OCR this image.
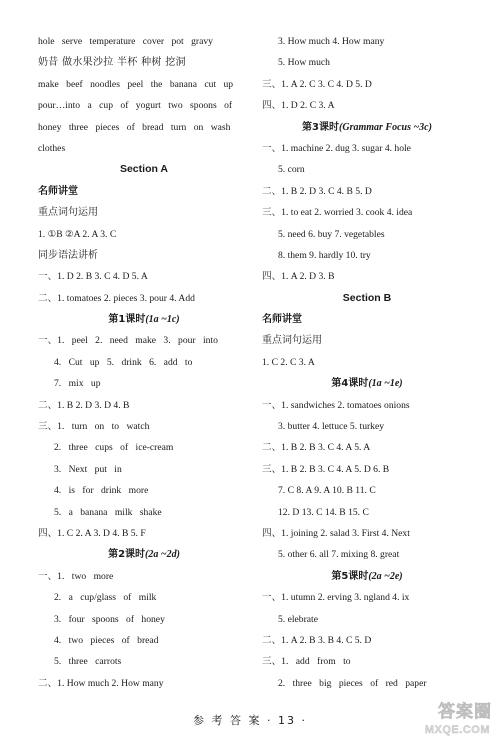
hole serve temperature cover pot gravy
奶昔 做水果沙拉 半杯 种树 挖洞
make beef noodles peel the banana cut up
pour…into a cup of yogurt two spoons of
honey three pieces of bread turn on wash
clothes
Section A
名师讲堂
重点词句运用
1. ①B ②A 2. A 3. C
同步语法讲析
一、1. D 2. B 3. C 4. D 5. A
二、1. tomatoes 2. pieces 3. pour 4. Add
第1课时(1a ~1c)
一、1. peel 2. need make 3. pour into
4. Cut up 5. drink 6. add to
7. mix up
二、1. B 2. D 3. D 4. B
三、1. turn on to watch
2. three cups of ice-cream
3. Next put in
4. is for drink more
5. a banana milk shake
四、1. C 2. A 3. D 4. B 5. F
第2课时(2a ~2d)
一、1. two more
2. a cup/glass of milk
3. four spoons of honey
4. two pieces of bread
5. three carrots
二、1. How much 2. How many
3. How much 4. How many
5. How much
三、1. A 2. C 3. C 4. D 5. D
四、1. D 2. C 3. A
第3课时(Grammar Focus ~3c)
一、1. machine 2. dug 3. sugar 4. hole
5. corn
二、1. B 2. D 3. C 4. B 5. D
三、1. to eat 2. worried 3. cook 4. idea
5. need 6. buy 7. vegetables
8. them 9. hardly 10. try
四、1. A 2. D 3. B
Section B
名师讲堂
重点词句运用
1. C 2. C 3. A
第4课时(1a ~1e)
一、1. sandwiches 2. tomatoes onions
3. butter 4. lettuce 5. turkey
二、1. B 2. B 3. C 4. A 5. A
三、1. B 2. B 3. C 4. A 5. D 6. B
7. C 8. A 9. A 10. B 11. C
12. D 13. C 14. B 15. C
四、1. joining 2. salad 3. First 4. Next
5. other 6. all 7. mixing 8. great
第5课时(2a ~2e)
一、1. utumn 2. erving 3. ngland 4. ix
5. elebrate
二、1. A 2. B 3. B 4. C 5. D
三、1. add from to
2. three big pieces of red paper
参 考 答 案 · 13 ·	答案圈
MXQE.COM
